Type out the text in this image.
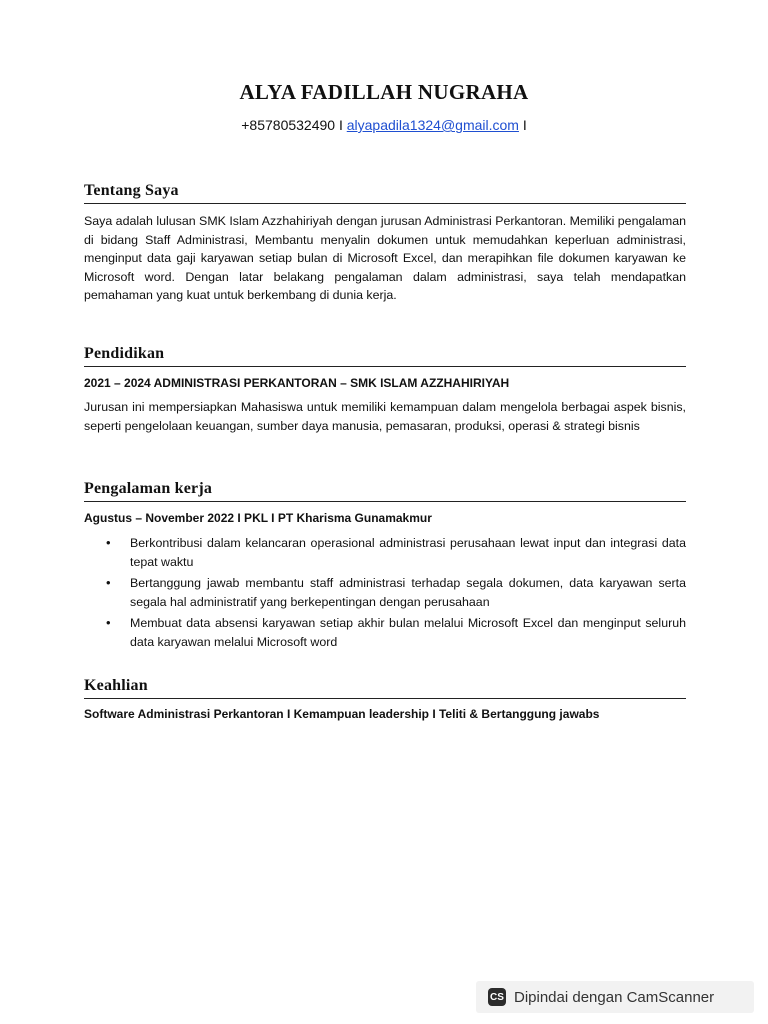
ALYA FADILLAH NUGRAHA
+85780532490 I alyapadila1324@gmail.com I
Tentang Saya
Saya adalah lulusan SMK Islam Azzhahiriyah dengan jurusan Administrasi Perkantoran. Memiliki pengalaman di bidang Staff Administrasi, Membantu menyalin dokumen untuk memudahkan keperluan administrasi, menginput data gaji karyawan setiap bulan di Microsoft Excel, dan merapihkan file dokumen karyawan ke Microsoft word. Dengan latar belakang pengalaman dalam administrasi, saya telah mendapatkan pemahaman yang kuat untuk berkembang di dunia kerja.
Pendidikan
2021 – 2024 ADMINISTRASI PERKANTORAN – SMK ISLAM AZZHAHIRIYAH
Jurusan ini mempersiapkan Mahasiswa untuk memiliki kemampuan dalam mengelola berbagai aspek bisnis, seperti pengelolaan keuangan, sumber daya manusia, pemasaran, produksi, operasi & strategi bisnis
Pengalaman kerja
Agustus – November 2022 I PKL I PT Kharisma Gunamakmur
• Berkontribusi dalam kelancaran operasional administrasi perusahaan lewat input dan integrasi data tepat waktu
• Bertanggung jawab membantu staff administrasi terhadap segala dokumen, data karyawan serta segala hal administratif yang berkepentingan dengan perusahaan
• Membuat data absensi karyawan setiap akhir bulan melalui Microsoft Excel dan menginput seluruh data karyawan melalui Microsoft word
Keahlian
Software Administrasi Perkantoran I Kemampuan leadership I Teliti & Bertanggung jawabs
CS Dipindai dengan CamScanner
